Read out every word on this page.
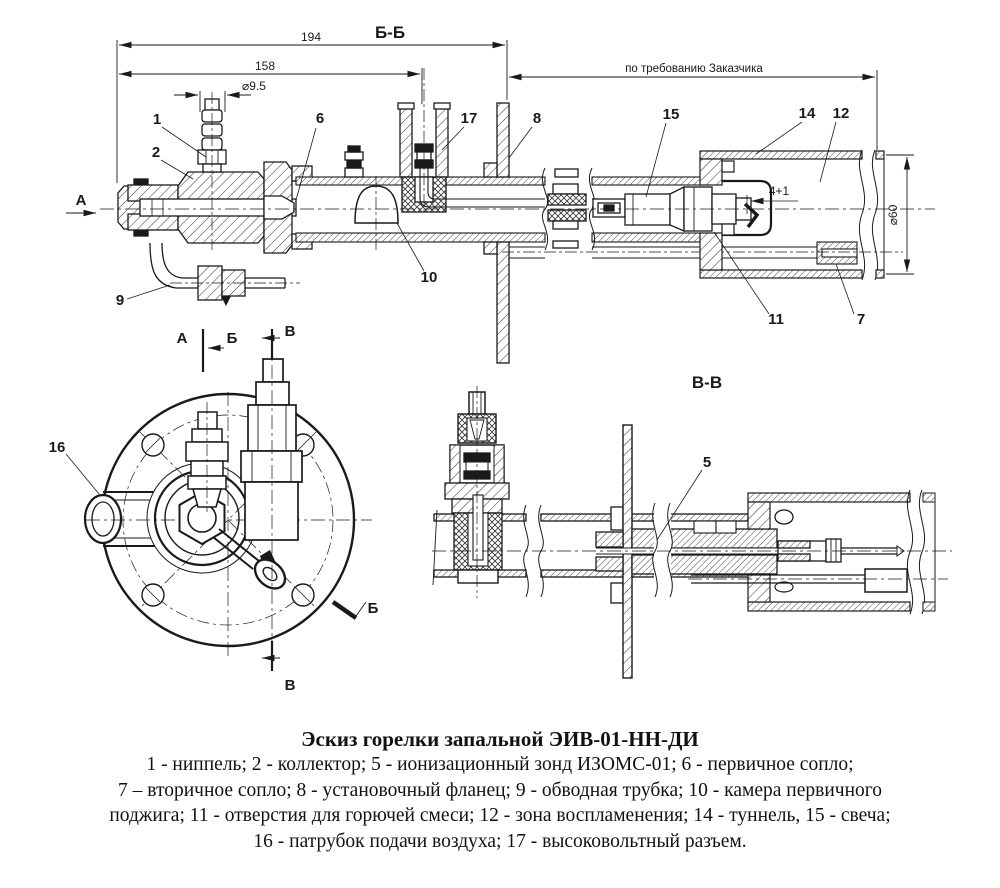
194
158	по требованию Заказчика
⌀9.5
Б-Б
А
4+1
⌀60
1
2
6	17	8	15	14 12
10
9
11	7
А	Б
Б
В
В
16
В-В
5
Эскиз горелки запальной ЭИВ-01-НН-ДИ
1 - ниппель; 2 - коллектор; 5 - ионизационный зонд ИЗОМС-01; 6 - первичное сопло;
7 – вторичное сопло; 8 - установочный фланец; 9 - обводная трубка; 10 - камера первичного
поджига; 11 - отверстия для горючей смеси; 12 - зона воспламенения; 14 - туннель, 15 - свеча;
16 - патрубок подачи воздуха; 17 - высоковольтный разъем.
